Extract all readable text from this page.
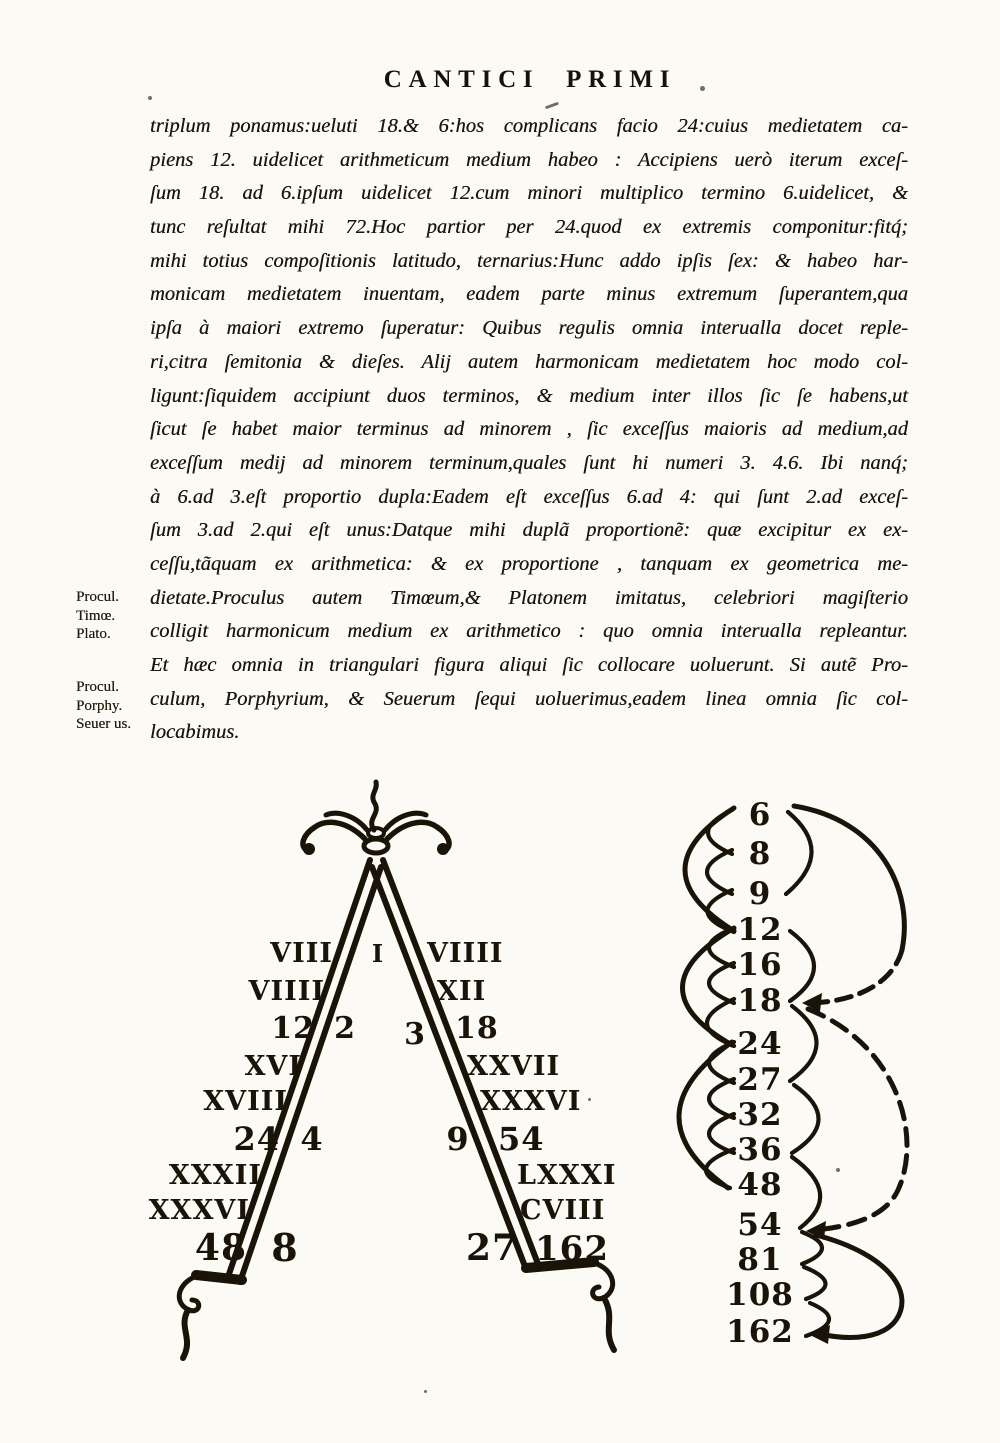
CANTICI PRIMI
triplum ponamus:ueluti 18.& 6:hos complicans facio 24:cuius medietatem ca-
piens 12. uidelicet arithmeticum medium habeo : Accipiens uerò iterum exceſ-
ſum 18. ad 6.ipſum uidelicet 12.cum minori multiplico termino 6.uidelicet, &
tunc reſultat mihi 72.Hoc partior per 24.quod ex extremis componitur:fitq́;
mihi totius compoſitionis latitudo, ternarius:Hunc addo ipſis ſex: & habeo har-
monicam medietatem inuentam, eadem parte minus extremum ſuperantem,qua
ipſa à maiori extremo ſuperatur: Quibus regulis omnia interualla docet reple-
ri,citra ſemitonia & dieſes. Alij autem harmonicam medietatem hoc modo col-
ligunt:ſiquidem accipiunt duos terminos, & medium inter illos ſic ſe habens,ut
ſicut ſe habet maior terminus ad minorem , ſic exceſſus maioris ad medium,ad
exceſſum medij ad minorem terminum,quales ſunt hi numeri 3. 4.6. Ibi nanq́;
à 6.ad 3.eſt proportio dupla:Eadem eſt exceſſus 6.ad 4: qui ſunt 2.ad exceſ-
ſum 3.ad 2.qui eſt unus:Datque mihi duplã proportionẽ: quæ excipitur ex ex-
ceſſu,tãquam ex arithmetica: & ex proportione , tanquam ex geometrica me-
dietate.Proculus autem Timœum,& Platonem imitatus, celebriori magiſterio
colligit harmonicum medium ex arithmetico : quo omnia interualla repleantur.
Et hæc omnia in triangulari figura aliqui ſic collocare uoluerunt. Si autẽ Pro-
culum, Porphyrium, & Seuerum ſequi uoluerimus,eadem linea omnia ſic col-
locabimus.
Procul.
Timœ.
Plato.
Procul.
Porphy.
Seuer us.
I
VIII
VIIII
12
XVI
XVIII
24
XXXII
XXXVI
48
2
4
8
3
9
27
VIIII
XII
18
XXVII
XXXVI
54
LXXXI
CVIII
162
6
8
9
12
16
18
24
27
32
36
48
54
81
108
162
